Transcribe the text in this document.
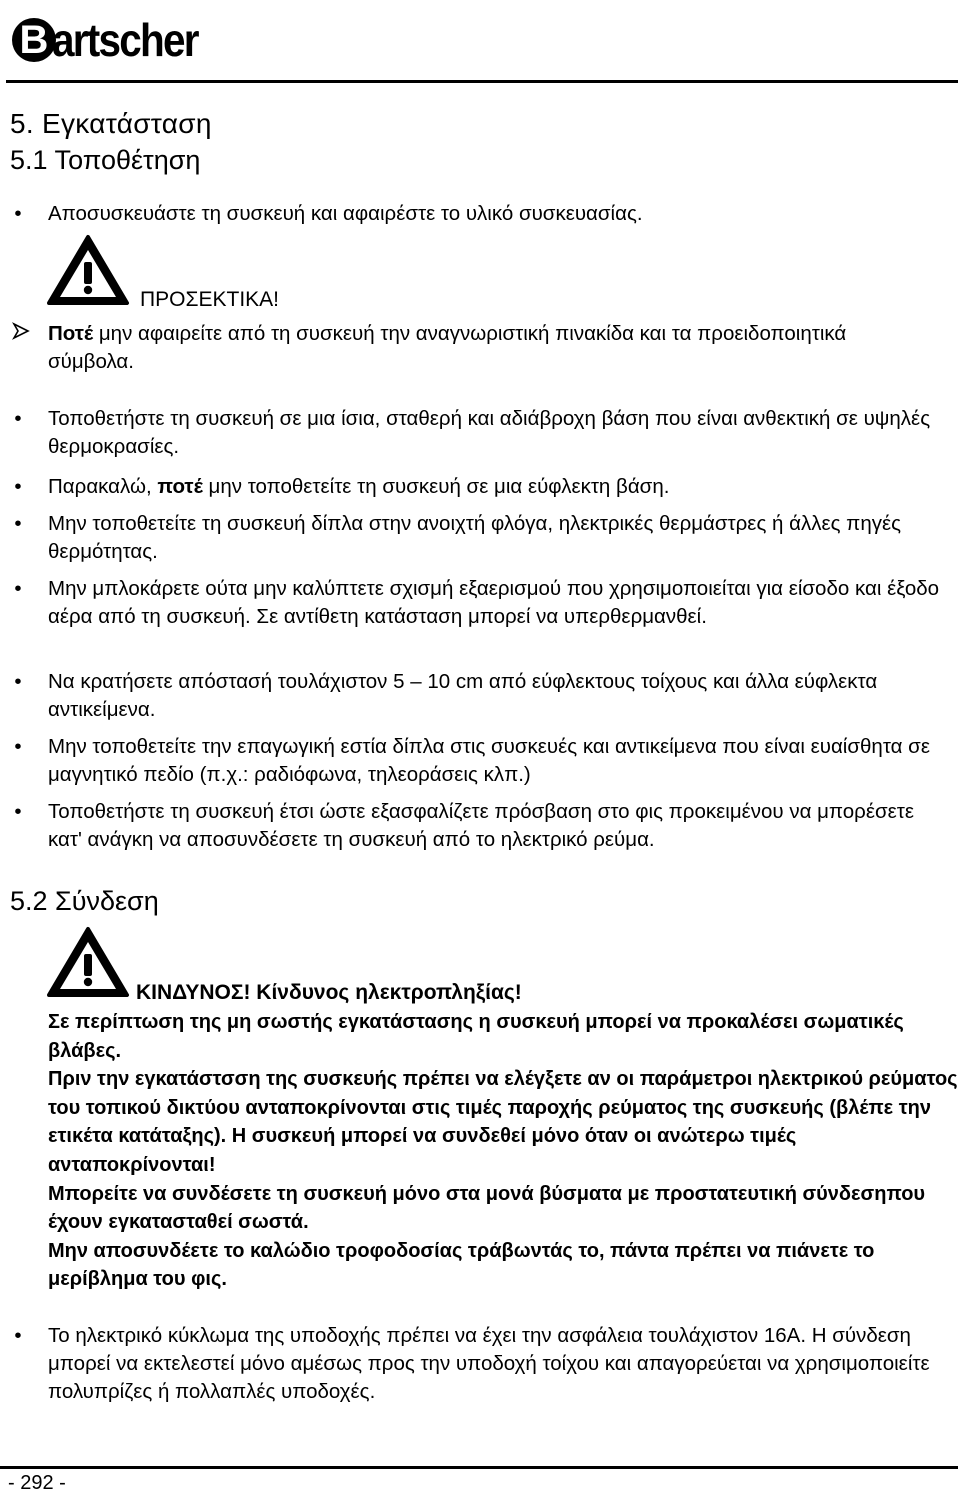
B artscher
5. Εγκατάσταση
5.1 Τοποθέτηση
•	Αποσυσκευάστε τη συσκευή και αφαιρέστε το υλικό συσκευασίας.
ΠΡΟΣΕΚΤΙΚΑ!
Ποτέ μην αφαιρείτε από τη συσκευή την αναγνωριστική πινακίδα και τα προειδοποιητικά σύμβολα.
•	Τοποθετήστε τη συσκευή σε μια ίσια, σταθερή και αδιάβροχη βάση που είναι ανθεκτική σε υψηλές θερμοκρασίες.
•	Παρακαλώ, ποτέ μην τοποθετείτε τη συσκευή σε μια εύφλεκτη βάση.
•	Μην τοποθετείτε τη συσκευή δίπλα στην ανοιχτή φλόγα, ηλεκτρικές θερμάστρες ή άλλες πηγές θερμότητας.
•	Μην μπλοκάρετε ούτα μην καλύπτετε σχισμή εξαερισμού που χρησιμοποιείται για είσοδο και έξοδο αέρα από τη συσκευή. Σε αντίθετη κατάσταση μπορεί να υπερθερμανθεί.
•	Να κρατήσετε απόστασή τουλάχιστον 5 – 10 cm από εύφλεκτους τοίχους και άλλα εύφλεκτα αντικείμενα.
•	Μην τοποθετείτε την επαγωγική εστία δίπλα στις συσκευές και αντικείμενα που είναι ευαίσθητα σε μαγνητικό πεδίο (π.χ.: ραδιόφωνα, τηλεοράσεις κλπ.)
•	Τοποθετήστε τη συσκευή έτσι ώστε εξασφαλίζετε πρόσβαση στο φις προκειμένου να μπορέσετε κατ' ανάγκη να αποσυνδέσετε τη συσκευή από το ηλεκτρικό ρεύμα.
5.2 Σύνδεση
ΚΙΝΔΥΝΟΣ! Κίνδυνος ηλεκτροπληξίας!

Σε περίπτωση της μη σωστής εγκατάστασης η συσκευή μπορεί να προκαλέσει σωματικές βλάβες.

Πριν την εγκατάστσση της συσκευής πρέπει να ελέγξετε αν οι παράμετροι ηλεκτρικού ρεύματος του τοπικού δικτύου ανταποκρίνονται στις τιμές παροχής ρεύματος της συσκευής (βλέπε την ετικέτα κατάταξης). Η συσκευή μπορεί να συνδεθεί μόνο όταν οι ανώτερω τιμές ανταποκρίνονται!

Μπορείτε να συνδέσετε τη συσκευή μόνο στα μονά βύσματα με προστατευτική σύνδεσηπου έχουν εγκατασταθεί σωστά.

Μην αποσυνδέετε το καλώδιο τροφοδοσίας τράβωντάς το, πάντα πρέπει να πιάνετε το μερίβλημα του φις.

•	Το ηλεκτρικό κύκλωμα της υποδοχής πρέπει να έχει την ασφάλεια τουλάχιστον 16A. Η σύνδεση μπορεί να εκτελεστεί μόνο αμέσως προς την υποδοχή τοίχου και απαγορεύεται να χρησιμοποιείτε πολυπρίζες ή πολλαπλές υποδοχές.
- 292 -
